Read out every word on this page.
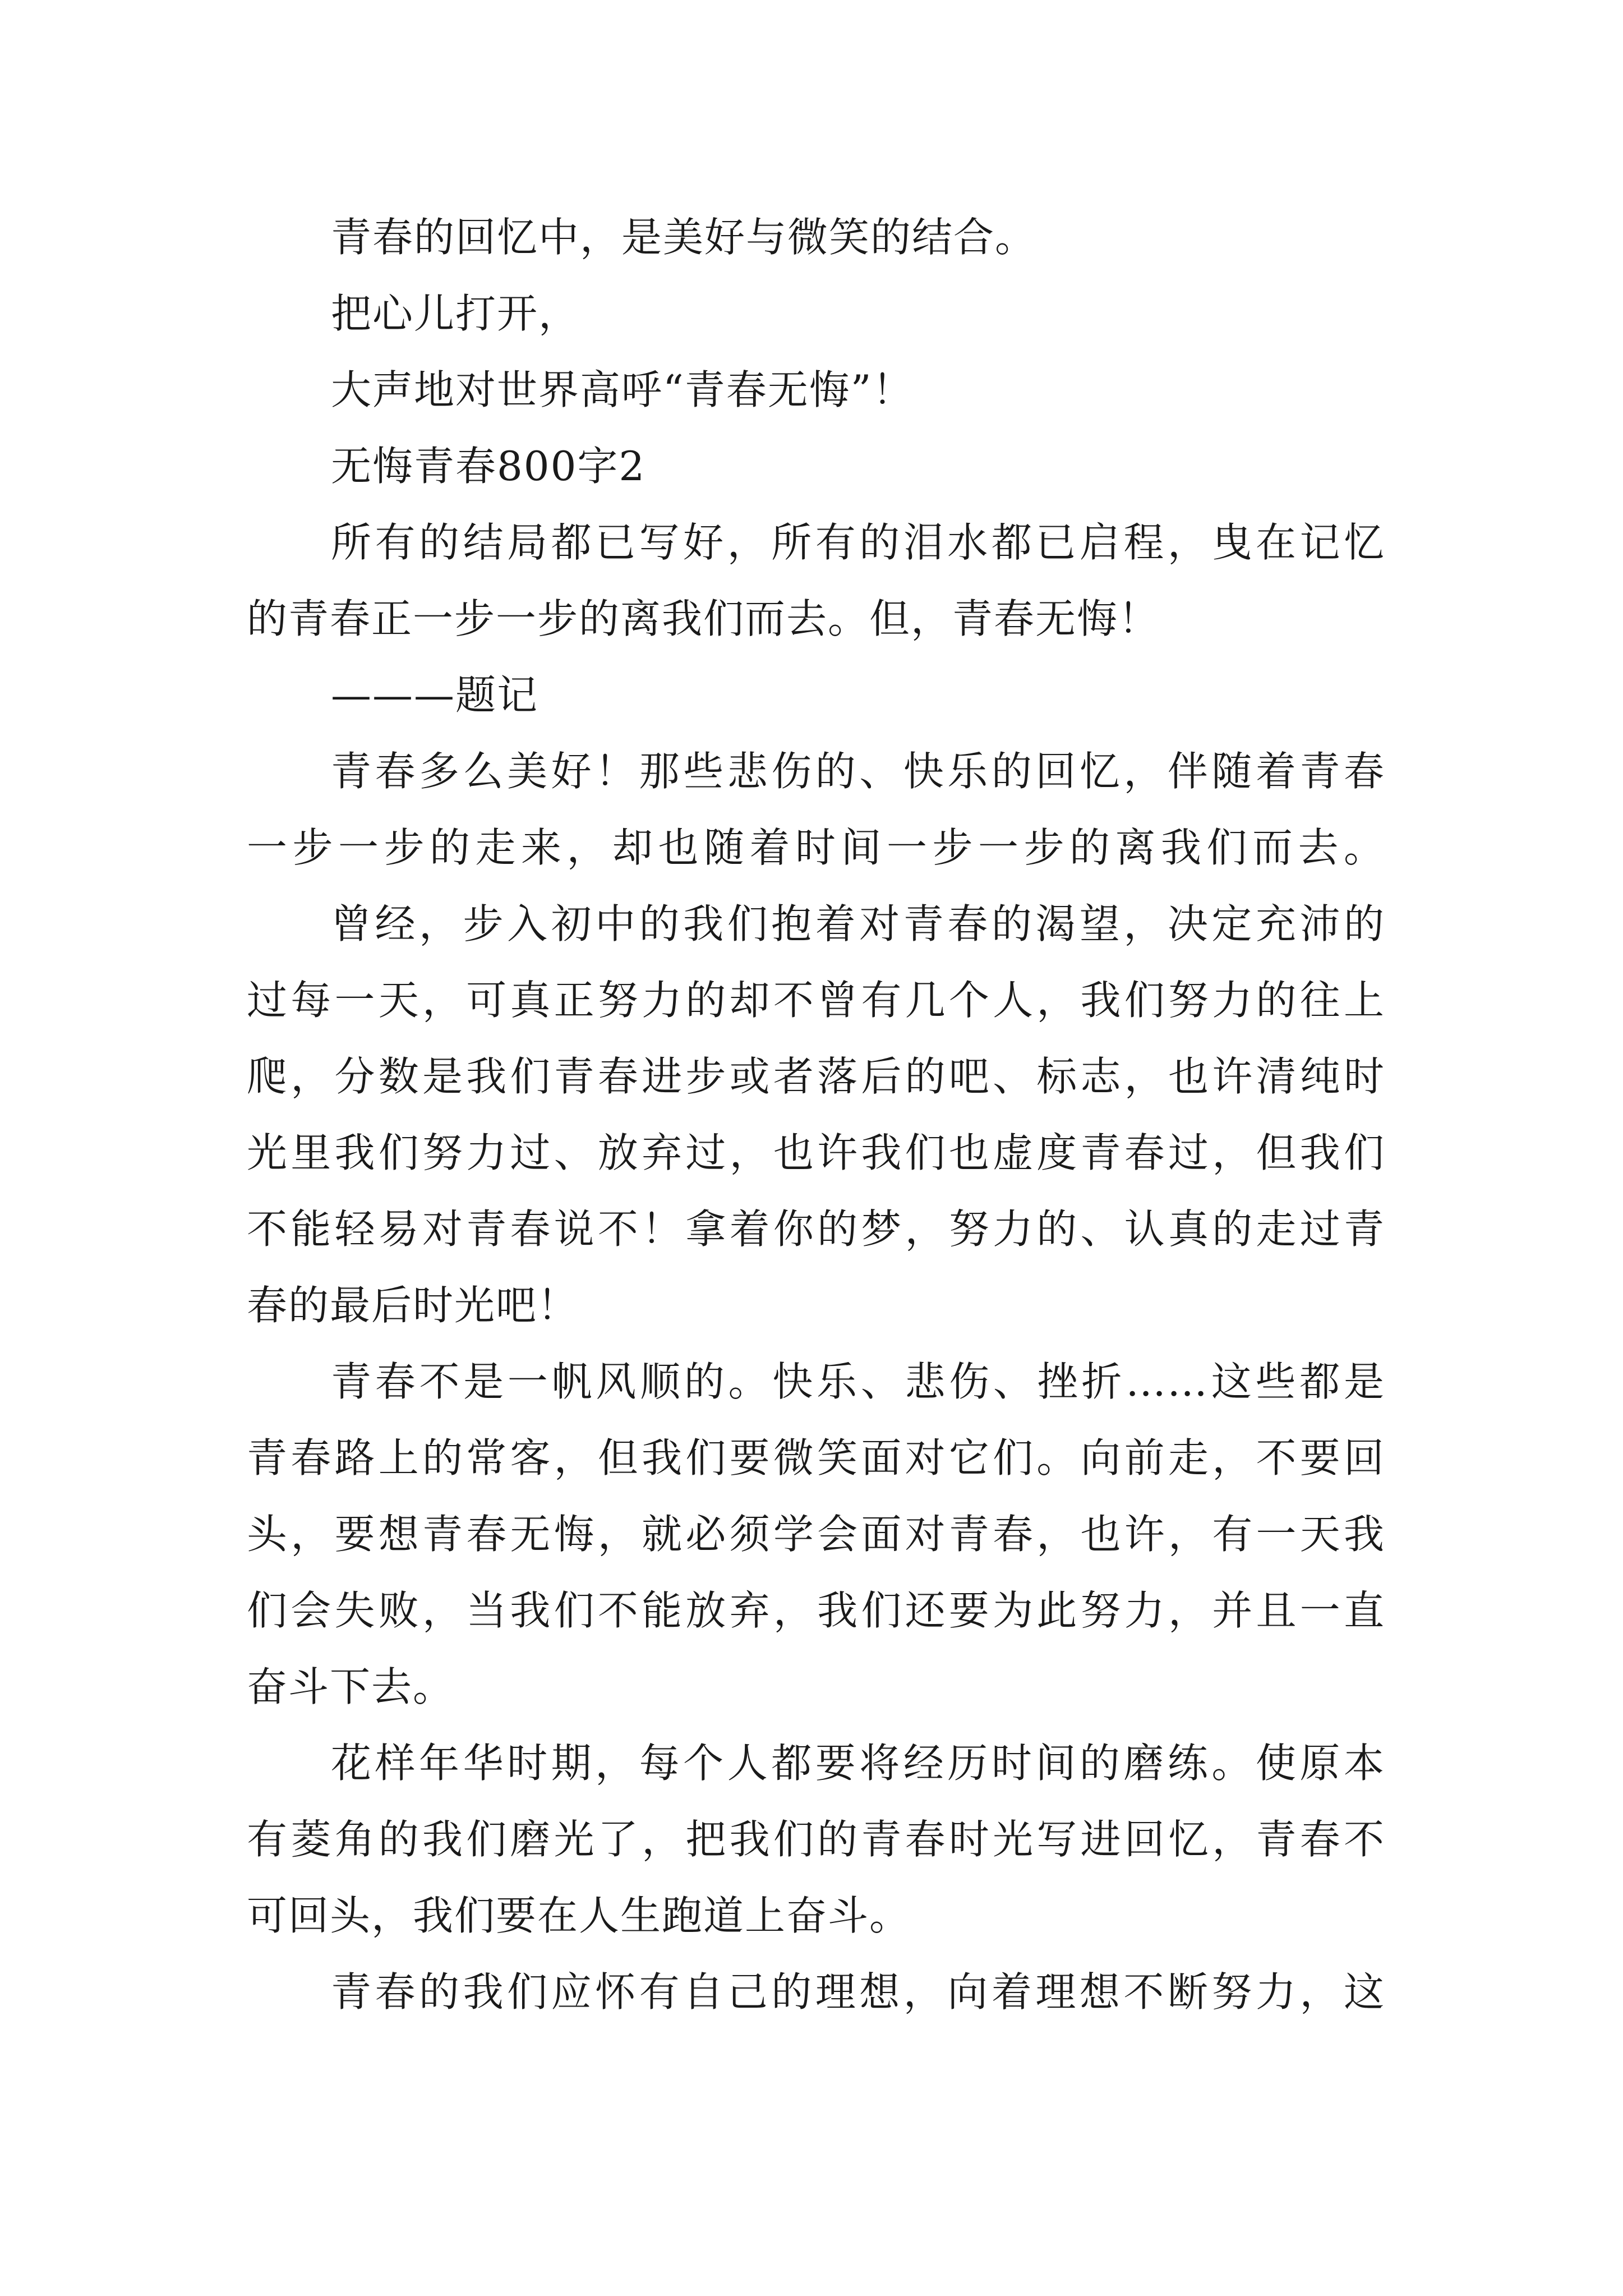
青春的回忆中，是美好与微笑的结合。

把心儿打开，

大声地对世界高呼“青春无悔”！

无悔青春800字2

所有的结局都已写好，所有的泪水都已启程，曳在记忆

的青春正一步一步的离我们而去。但，青春无悔！

———题记

青春多么美好！那些悲伤的、快乐的回忆，伴随着青春

一步一步的走来，却也随着时间一步一步的离我们而去。

曾经，步入初中的我们抱着对青春的渴望，决定充沛的

过每一天，可真正努力的却不曾有几个人，我们努力的往上

爬，分数是我们青春进步或者落后的吧、标志，也许清纯时

光里我们努力过、放弃过，也许我们也虚度青春过，但我们

不能轻易对青春说不！拿着你的梦，努力的、认真的走过青

春的最后时光吧！

青春不是一帆风顺的。快乐、悲伤、挫折……这些都是

青春路上的常客，但我们要微笑面对它们。向前走，不要回

头，要想青春无悔，就必须学会面对青春，也许，有一天我

们会失败，当我们不能放弃，我们还要为此努力，并且一直

奋斗下去。

花样年华时期，每个人都要将经历时间的磨练。使原本

有菱角的我们磨光了，把我们的青春时光写进回忆，青春不

可回头，我们要在人生跑道上奋斗。

青春的我们应怀有自己的理想，向着理想不断努力，这
